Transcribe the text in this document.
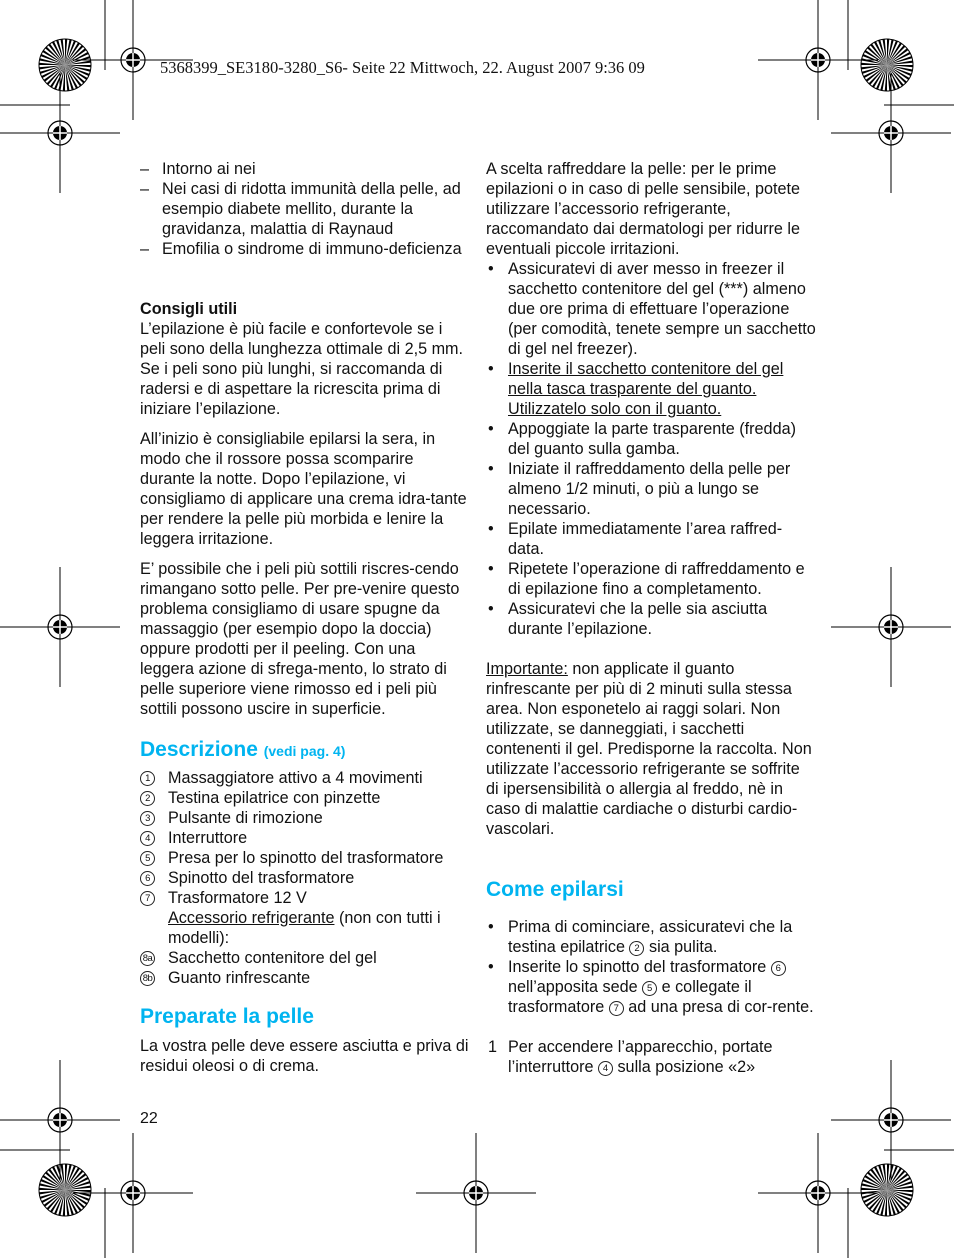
5368399_SE3180-3280_S6- Seite 22 Mittwoch, 22. August 2007 9:36 09
– Intorno ai nei
– Nei casi di ridotta immunità della pelle, ad esempio diabete mellito, durante la gravidanza, malattia di Raynaud
– Emofilia o sindrome di immuno-deficienza

Consigli utili

L’epilazione è più facile e confortevole se i peli sono della lunghezza ottimale di 2,5 mm. Se i peli sono più lunghi, si raccomanda di radersi e di aspettare la ricrescita prima di iniziare l’epilazione.

All’inizio è consigliabile epilarsi la sera, in modo che il rossore possa scomparire durante la notte. Dopo l’epilazione, vi consigliamo di applicare una crema idra-tante per rendere la pelle più morbida e lenire la leggera irritazione.

E’ possibile che i peli più sottili riscres-cendo rimangano sotto pelle. Per pre-venire questo problema consigliamo di usare spugne da massaggio (per esempio dopo la doccia) oppure prodotti per il peeling. Con una leggera azione di sfrega-mento, lo strato di pelle superiore viene rimosso ed i peli più sottili possono uscire in superficie.

Descrizione (vedi pag. 4)
1	Massaggiatore attivo a 4 movimenti
2	Testina epilatrice con pinzette
3	Pulsante di rimozione
4	Interruttore
5	Presa per lo spinotto del trasformatore
6	Spinotto del trasformatore
7	Trasformatore 12 V
Accessorio refrigerante (non con tutti i modelli):
8a Sacchetto contenitore del gel
8b Guanto rinfrescante
Preparate la pelle

La vostra pelle deve essere asciutta e priva di residui oleosi o di crema.

A scelta raffreddare la pelle: per le prime epilazioni o in caso di pelle sensibile, potete utilizzare l’accessorio refrigerante, raccomandato dai dermatologi per ridurre le eventuali piccole irritazioni.

• Assicuratevi di aver messo in freezer il sacchetto contenitore del gel (***) almeno due ore prima di effettuare l’operazione (per comodità, tenete sempre un sacchetto di gel nel freezer).
• Inserite il sacchetto contenitore del gel nella tasca trasparente del guanto. Utilizzatelo solo con il guanto.
• Appoggiate la parte trasparente (fredda) del guanto sulla gamba.
• Iniziate il raffreddamento della pelle per almeno 1/2 minuti, o più a lungo se necessario.
• Epilate immediatamente l’area raffred-data.
• Ripetete l’operazione di raffreddamento e di epilazione fino a completamento.
• Assicuratevi che la pelle sia asciutta durante l’epilazione.

Importante: non applicate il guanto rinfrescante per più di 2 minuti sulla stessa area. Non esponetelo ai raggi solari. Non utilizzate, se danneggiati, i sacchetti contenenti il gel. Predisporne la raccolta. Non utilizzate l’accessorio refrigerante se soffrite di ipersensibilità o allergia al freddo, nè in caso di malattie cardiache o disturbi cardio-vascolari.

Come epilarsi
• Prima di cominciare, assicuratevi che la testina epilatrice 2 sia pulita.
• Inserite lo spinotto del trasformatore 6 nell’apposita sede 5 e collegate il trasformatore 7 ad una presa di cor-rente.
1 Per accendere l’apparecchio, portate l’interruttore 4 sulla posizione «2»
22
